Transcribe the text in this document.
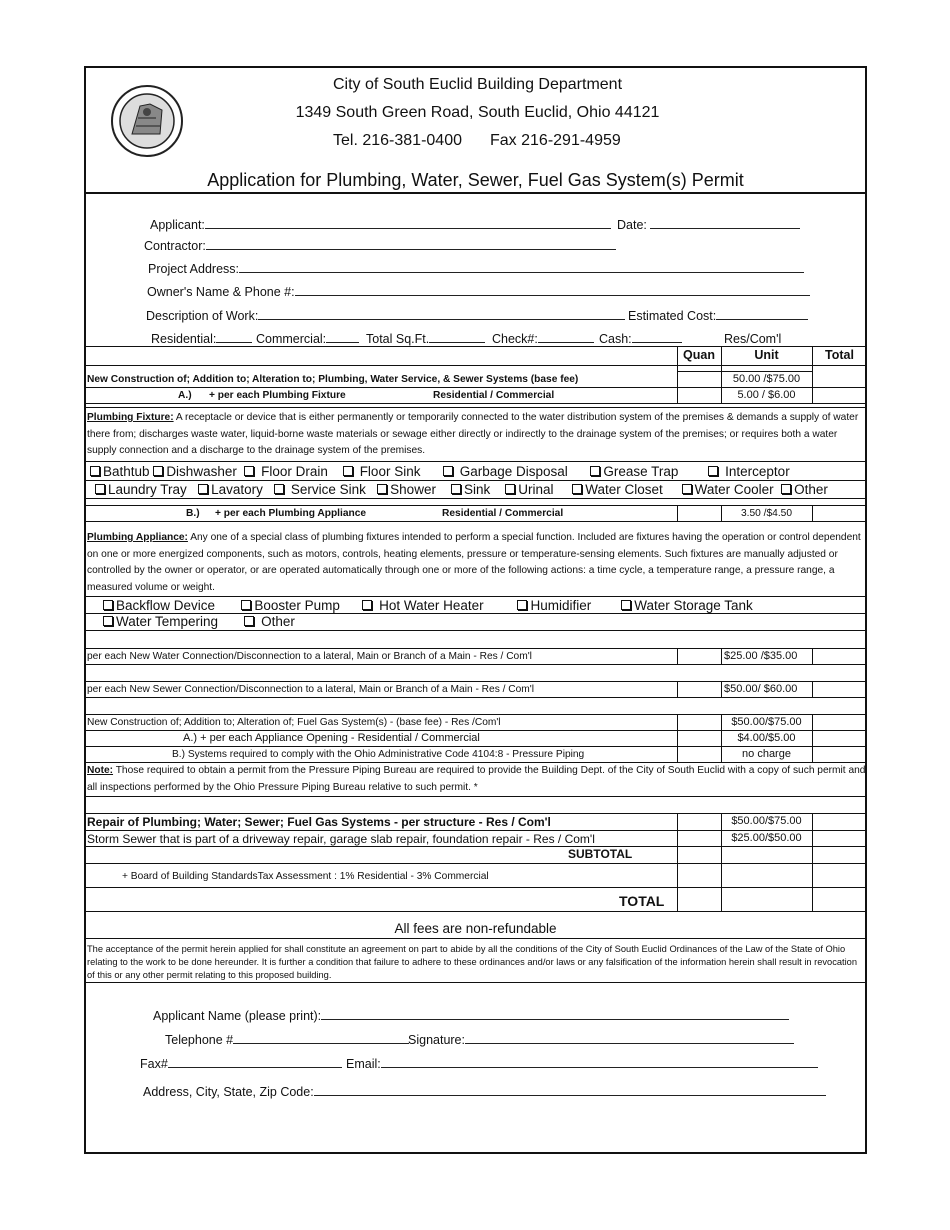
City of South Euclid Building Department
1349 South Green Road, South Euclid, Ohio 44121
Tel. 216-381-0400 Fax 216-291-4959
Application for Plumbing, Water, Sewer, Fuel Gas System(s) Permit
Applicant:	Date:
Contractor:
Project Address:
Owner's Name & Phone #:
Description of Work:	Estimated Cost:
Residential:	Commercial:	Total Sq.Ft.	Check#:	Cash:	Res/Com'l
Quan	Unit	Total
New Construction of; Addition to; Alteration to; Plumbing, Water Service, & Sewer Systems (base fee)	50.00 /$75.00
A.) + per each Plumbing Fixture	Residential / Commercial	5.00 / $6.00
Plumbing Fixture: A receptacle or device that is either permanently or temporarily connected to the water distribution system of the premises & demands a supply of water there from; discharges waste water, liquid-borne waste materials or sewage either directly or indirectly to the drainage system of the premises; or requires both a water supply connection and a discharge to the drainage system of the premises.
Bathtub Dishwasher Floor Drain Floor Sink	Garbage Disposal	Grease Trap	Interceptor
Laundry Tray Lavatory Service Sink Shower Sink Urinal Water Closet Water Cooler Other
B.) + per each Plumbing Appliance	Residential / Commercial	3.50 /$4.50
Plumbing Appliance: Any one of a special class of plumbing fixtures intended to perform a special function. Included are fixtures having the operation or control dependent on one or more energized components, such as motors, controls, heating elements, pressure or temperature-sensing elements. Such fixtures are manually adjusted or controlled by the owner or operator, or are operated automatically through one or more of the following actions: a time cycle, a temperature range, a pressure range, a measured volume or weight.
Backflow Device	Booster Pump	Hot Water Heater	Humidifier	Water Storage Tank
Water Tempering	Other
per each New Water Connection/Disconnection to a lateral, Main or Branch of a Main - Res / Com'l	$25.00 /$35.00
per each New Sewer Connection/Disconnection to a lateral, Main or Branch of a Main - Res / Com'l	$50.00/ $60.00
New Construction of; Addition to; Alteration of; Fuel Gas System(s) - (base fee) - Res /Com'l	$50.00/$75.00
A.) + per each Appliance Opening - Residential / Commercial	$4.00/$5.00
B.) Systems required to comply with the Ohio Administrative Code 4104:8 - Pressure Piping	no charge
Note: Those required to obtain a permit from the Pressure Piping Bureau are required to provide the Building Dept. of the City of South Euclid with a copy of such permit and all inspections performed by the Ohio Pressure Piping Bureau relative to such permit. *
Repair of Plumbing; Water; Sewer; Fuel Gas Systems - per structure - Res / Com'l	$50.00/$75.00
Storm Sewer that is part of a driveway repair, garage slab repair, foundation repair - Res / Com'l	$25.00/$50.00
SUBTOTAL
+ Board of Building StandardsTax Assessment : 1% Residential - 3% Commercial
TOTAL
All fees are non-refundable
The acceptance of the permit herein applied for shall constitute an agreement on part to abide by all the conditions of the City of South Euclid Ordinances of the Law of the State of Ohio relating to the work to be done hereunder. It is further a condition that failure to adhere to these ordinances and/or laws or any falsification of the information herein shall result in revocation of this or any other permit relating to this proposed building.
Applicant Name (please print):
Telephone #	Signature:
Fax#	Email:
Address, City, State, Zip Code:
